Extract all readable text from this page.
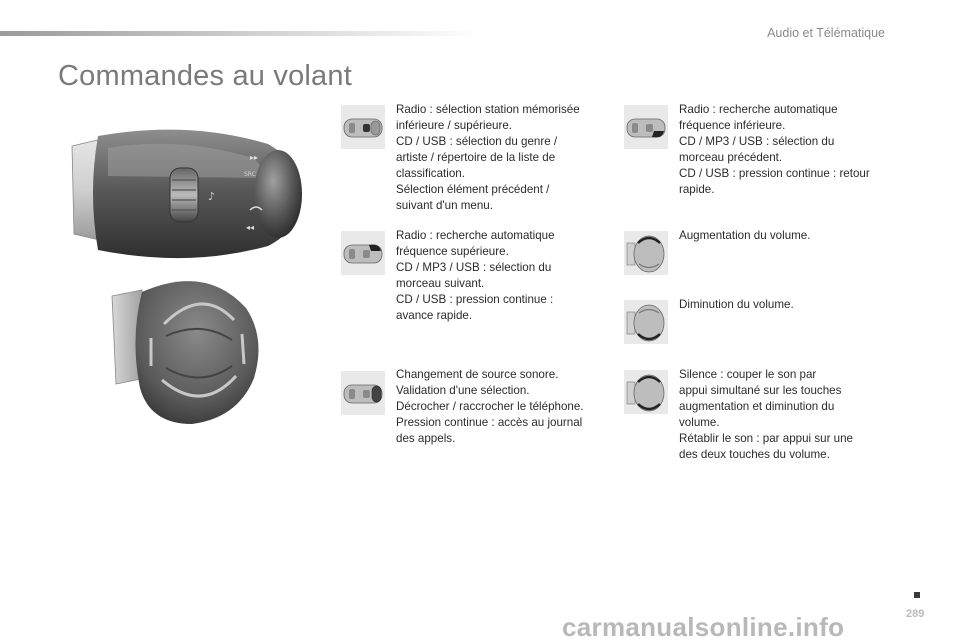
Audio et Télématique
Commandes au volant
♪
▸▸
SRC
◂◂
Radio : sélection station mémorisée
inférieure / supérieure.
CD / USB : sélection du genre /
artiste / répertoire de la liste de
classification.
Sélection élément précédent /
suivant d'un menu.
Radio : recherche automatique
fréquence supérieure.
CD / MP3 / USB : sélection du
morceau suivant.
CD / USB : pression continue :
avance rapide.
Changement de source sonore.
Validation d'une sélection.
Décrocher / raccrocher le téléphone.
Pression continue : accès au journal
des appels.
Radio : recherche automatique
fréquence inférieure.
CD / MP3 / USB : sélection du
morceau précédent.
CD / USB : pression continue : retour
rapide.
Augmentation du volume.
Diminution du volume.
Silence : couper le son par
appui simultané sur les touches
augmentation et diminution du
volume.
Rétablir le son : par appui sur une
des deux touches du volume.
289
carmanualsonline.info
